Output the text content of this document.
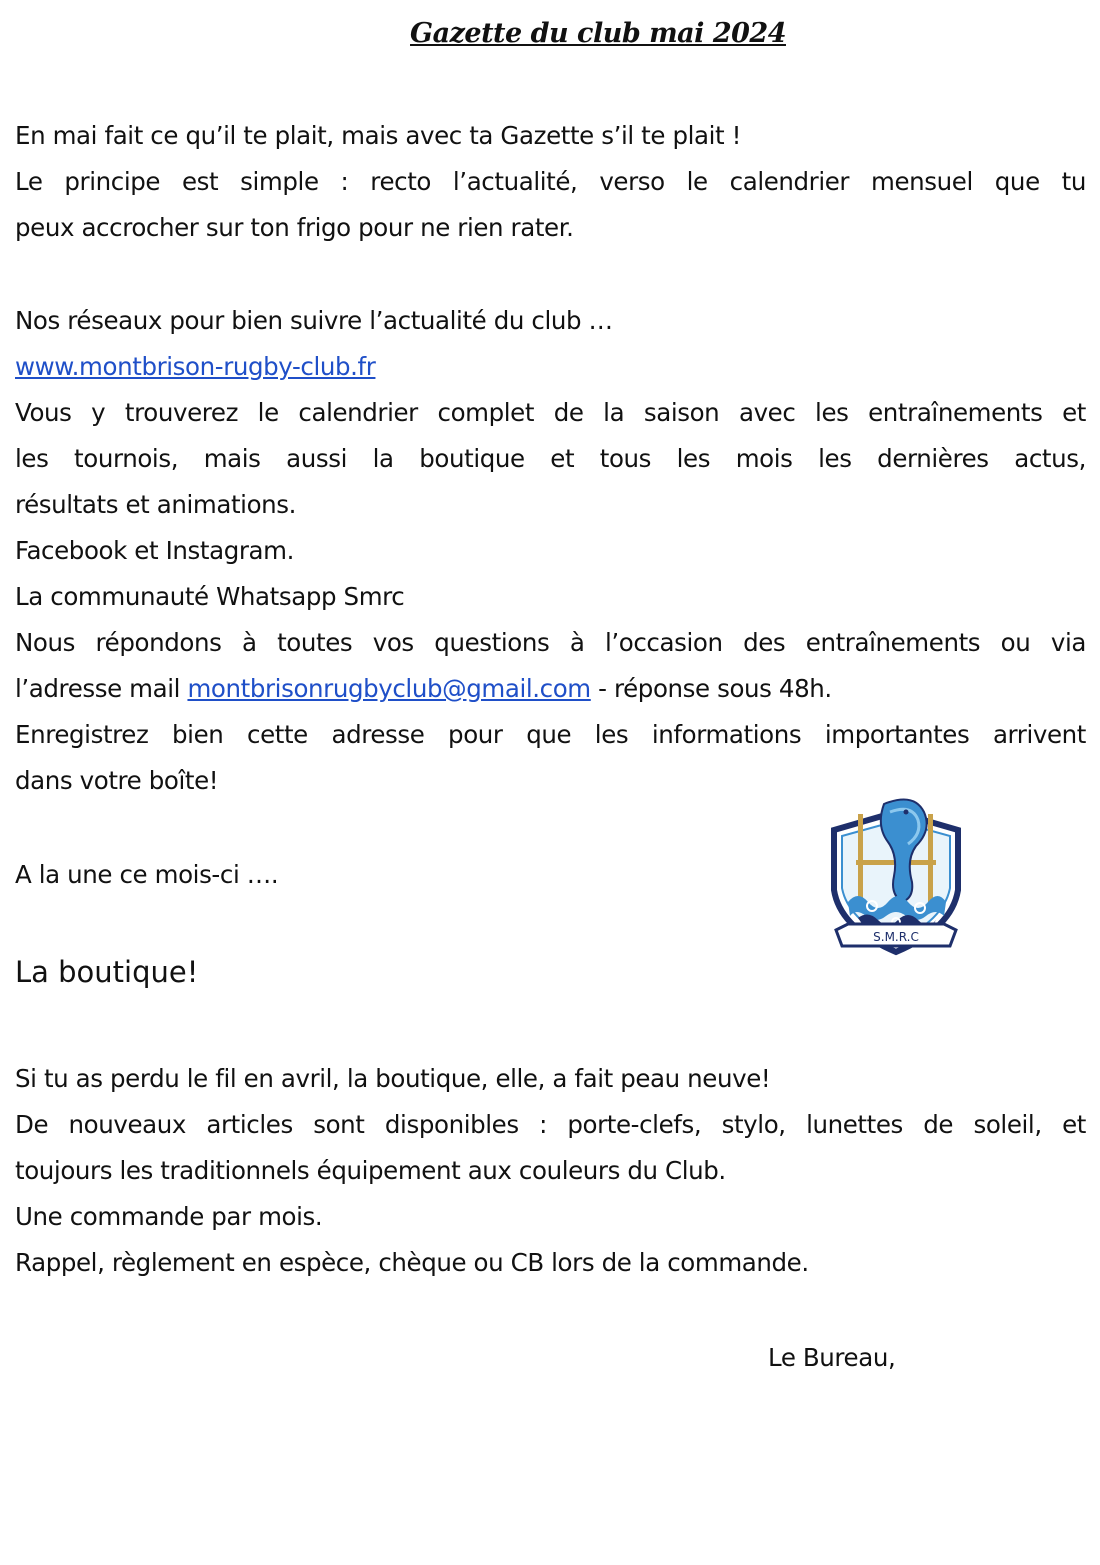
Gazette du club mai 2024
En mai fait ce qu’il te plait, mais avec ta Gazette s’il te plait !
Le principe est simple : recto l’actualité, verso le calendrier mensuel que tu
peux accrocher sur ton frigo pour ne rien rater.
Nos réseaux pour bien suivre l’actualité du club …
www.montbrison-rugby-club.fr
Vous y trouverez le calendrier complet de la saison avec les entraînements et
les tournois, mais aussi la boutique et tous les mois les dernières actus,
résultats et animations.
Facebook et Instagram.
La communauté Whatsapp Smrc
Nous répondons à toutes vos questions à l’occasion des entraînements ou via
l’adresse mail montbrisonrugbyclub@gmail.com - réponse sous 48h.
Enregistrez bien cette adresse pour que les informations importantes arrivent
dans votre boîte!
A la une ce mois-ci ….
La boutique!
Si tu as perdu le fil en avril, la boutique, elle, a fait peau neuve!
De nouveaux articles sont disponibles : porte-clefs, stylo, lunettes de soleil, et
toujours les traditionnels équipement aux couleurs du Club.
Une commande par mois.
Rappel, règlement en espèce, chèque ou CB lors de la commande.
Le Bureau,
S.M.R.C
2016
